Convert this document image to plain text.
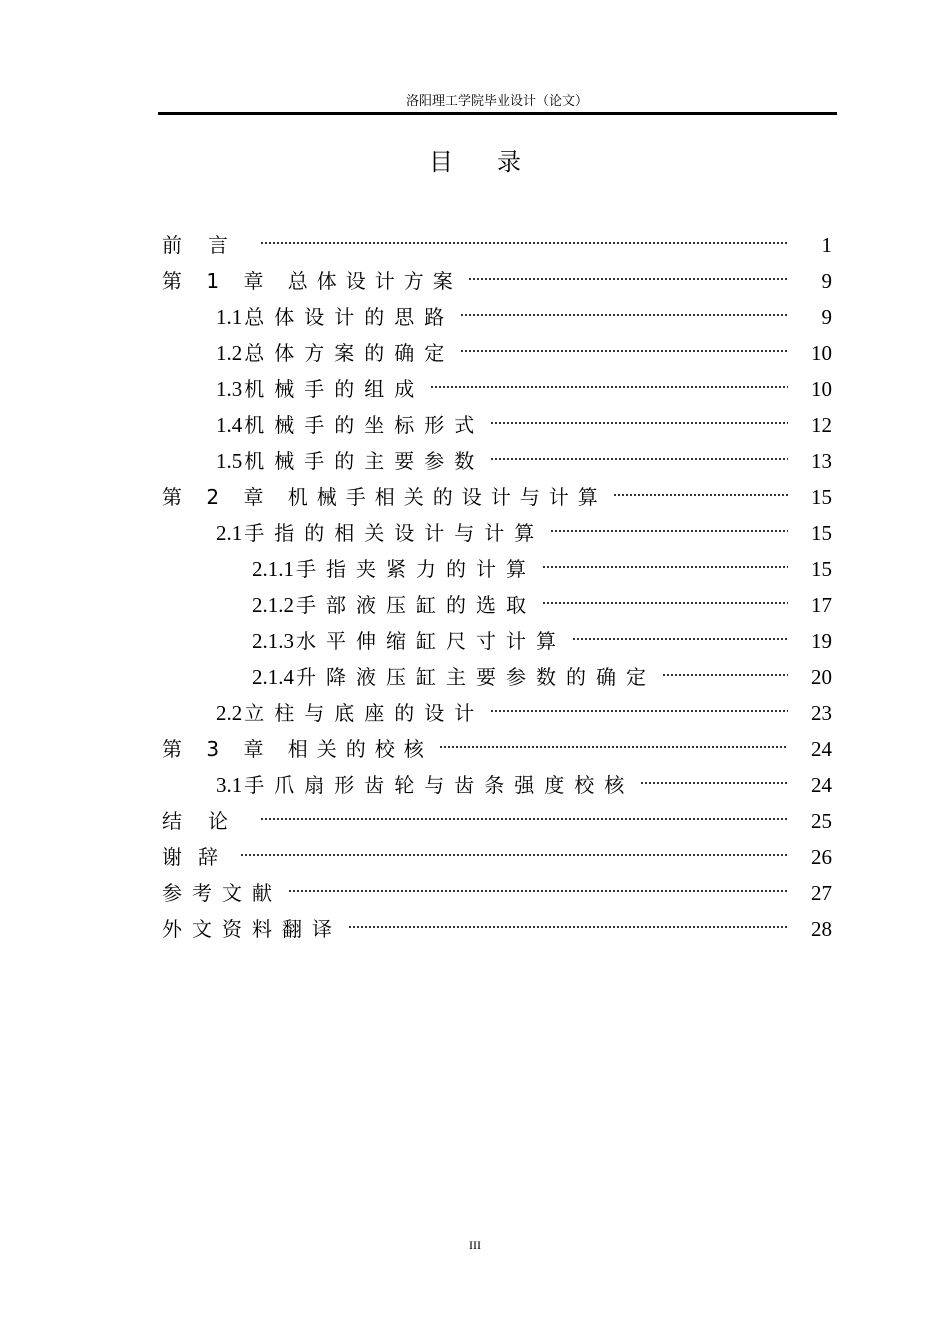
洛阳理工学院毕业设计（论文）
目录
前言	1
第 1 章 总体设计方案	9
1.1 总体设计的思路	9
1.2 总体方案的确定	10
1.3 机械手的组成	10
1.4 机械手的坐标形式	12
1.5 机械手的主要参数	13
第 2 章 机械手相关的设计与计算	15
2.1 手指的相关设计与计算	15
2.1.1 手指夹紧力的计算	15
2.1.2 手部液压缸的选取	17
2.1.3 水平伸缩缸尺寸计算	19
2.1.4 升降液压缸主要参数的确定	20
2.2 立柱与底座的设计	23
第 3 章 相关的校核	24
3.1 手爪扇形齿轮与齿条强度校核	24
结论	25
谢辞	26
参考文献	27
外文资料翻译	28
III
